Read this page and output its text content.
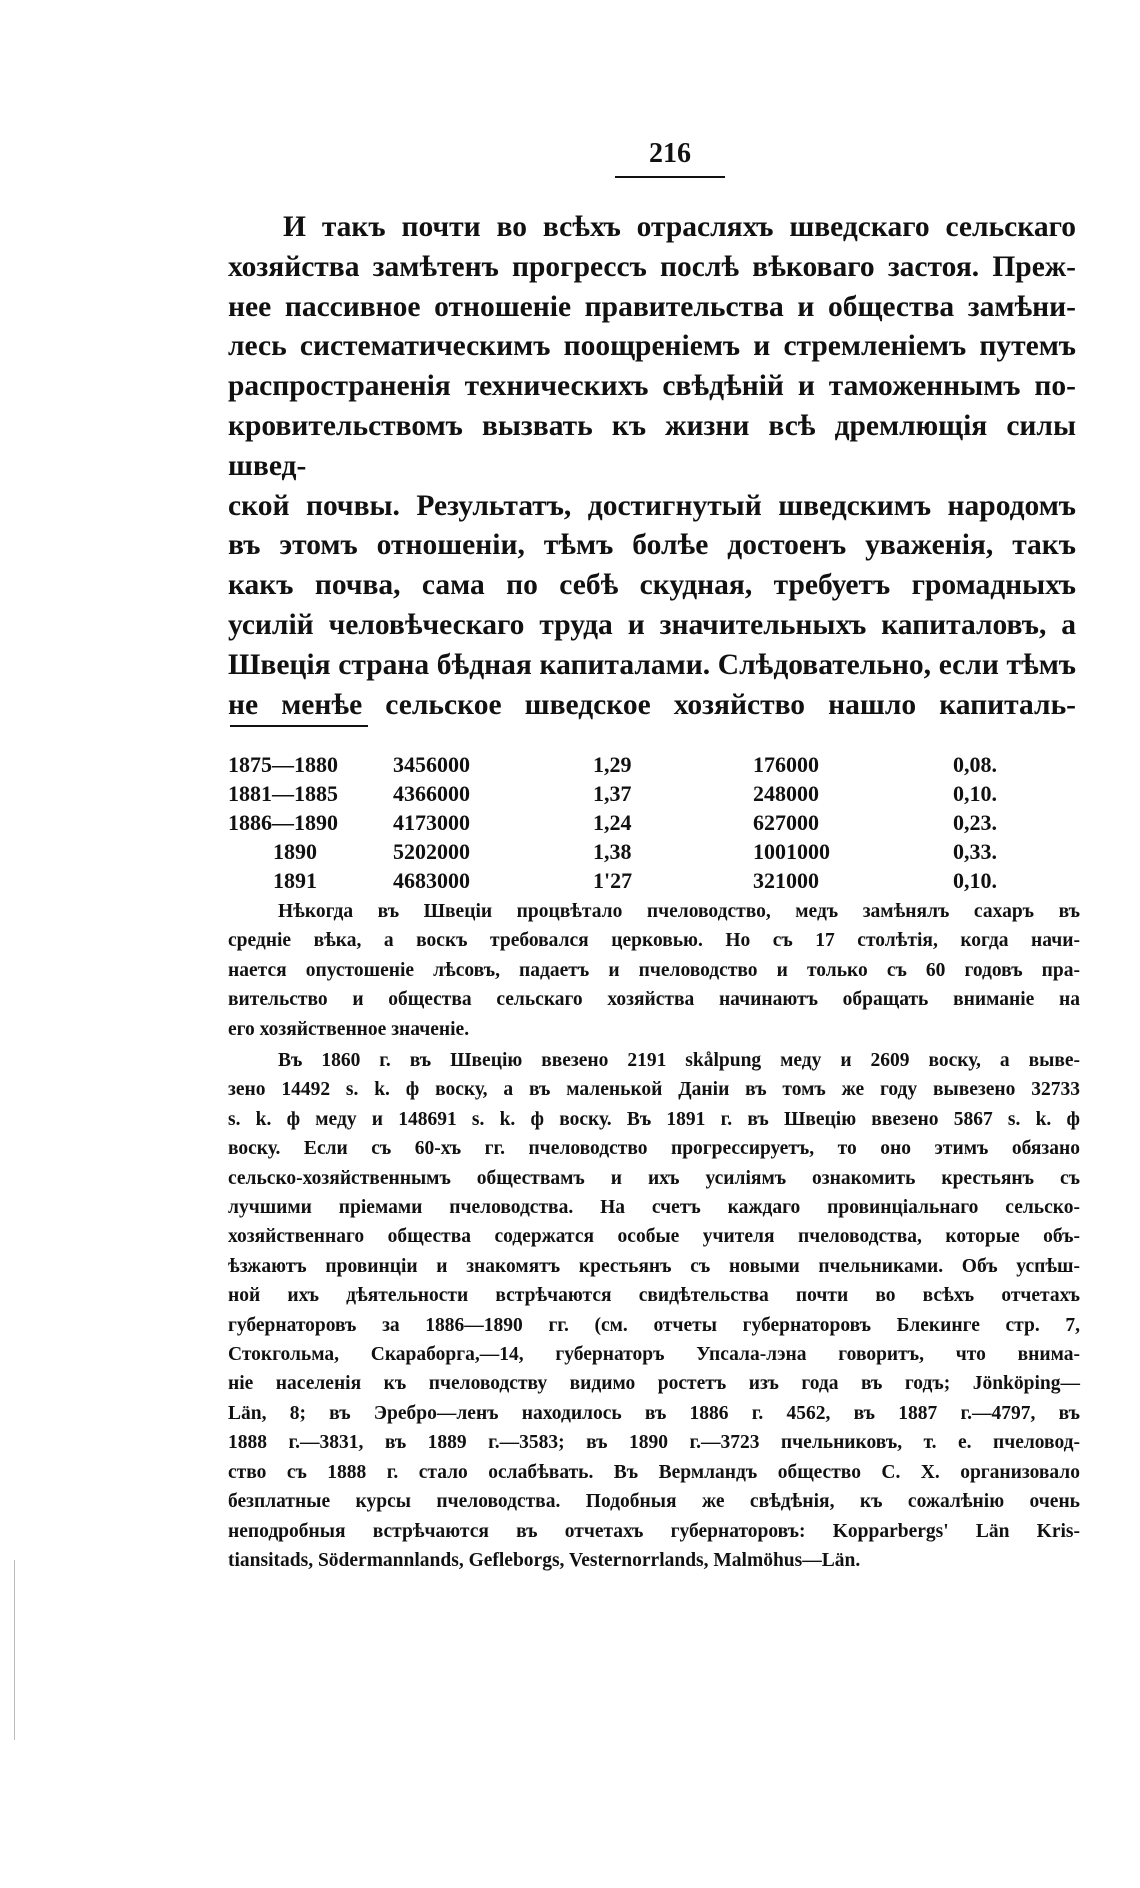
216

И такъ почти во всѣхъ отрасляхъ шведскаго сельскаго
хозяйства замѣтенъ прогрессъ послѣ вѣковаго застоя. Преж-
нее пассивное отношеніе правительства и общества замѣни-
лесь систематическимъ поощреніемъ и стремленіемъ путемъ
распространенія техническихъ свѣдѣній и таможеннымъ по-
кровительствомъ вызвать къ жизни всѣ дремлющія силы швед-
ской почвы. Результатъ, достигнутый шведскимъ народомъ
въ этомъ отношеніи, тѣмъ болѣе достоенъ уваженія, такъ
какъ почва, сама по себѣ скудная, требуетъ громадныхъ
усилій человѣческаго труда и значительныхъ капиталовъ, а
Швеція страна бѣдная капиталами. Слѣдовательно, если тѣмъ
не менѣе сельское шведское хозяйство нашло капиталь-

1875—1880	3456000	1,29	176000	0,08.
1881—1885	4366000	1,37	248000	0,10.
1886—1890	4173000	1,24	627000	0,23.
1890	5202000	1,38	1001000	0,33.
1891	4683000	1'27	321000	0,10.
Нѣкогда въ Швеціи процвѣтало пчеловодство, медъ замѣнялъ сахаръ въ
средніе вѣка, а воскъ требовался церковью. Но съ 17 столѣтія, когда начи-
нается опустошеніе лѣсовъ, падаетъ и пчеловодство и только съ 60 годовъ пра-
вительство и общества сельскаго хозяйства начинаютъ обращать вниманіе на
его хозяйственное значеніе.
Въ 1860 г. въ Швецію ввезено 2191 skålpung меду и 2609 воску, а выве-
зено 14492 s. k. ф воску, а въ маленькой Даніи въ томъ же году вывезено 32733
s. k. ф меду и 148691 s. k. ф воску. Въ 1891 г. въ Швецію ввезено 5867 s. k. ф
воску. Если съ 60-хъ гг. пчеловодство прогрессируетъ, то оно этимъ обязано
сельско-хозяйственнымъ обществамъ и ихъ усиліямъ ознакомить крестьянъ съ
лучшими пріемами пчеловодства. На счетъ каждаго провинціальнаго сельско-
хозяйственнаго общества содержатся особые учителя пчеловодства, которые объ-
ѣзжаютъ провинціи и знакомятъ крестьянъ съ новыми пчельниками. Объ успѣш-
ной ихъ дѣятельности встрѣчаются свидѣтельства почти во всѣхъ отчетахъ
губернаторовъ за 1886—1890 гг. (см. отчеты губернаторовъ Блекинге стр. 7,
Стокгольма, Скараборга,—14, губернаторъ Упсала-лэна говоритъ, что внима-
ніе населенія къ пчеловодству видимо ростетъ изъ года въ годъ; Jönköping—
Län, 8; въ Эребро—ленъ находилось въ 1886 г. 4562, въ 1887 г.—4797, въ
1888 г.—3831, въ 1889 г.—3583; въ 1890 г.—3723 пчельниковъ, т. е. пчеловод-
ство съ 1888 г. стало ослабѣвать. Въ Вермландъ общество С. Х. организовало
безплатные курсы пчеловодства. Подобныя же свѣдѣнія, къ сожалѣнію очень
неподробныя встрѣчаются въ отчетахъ губернаторовъ: Kopparbergs' Län Kris-
tiansitads, Södermannlands, Gefleborgs, Vesternorrlands, Malmöhus—Län.
